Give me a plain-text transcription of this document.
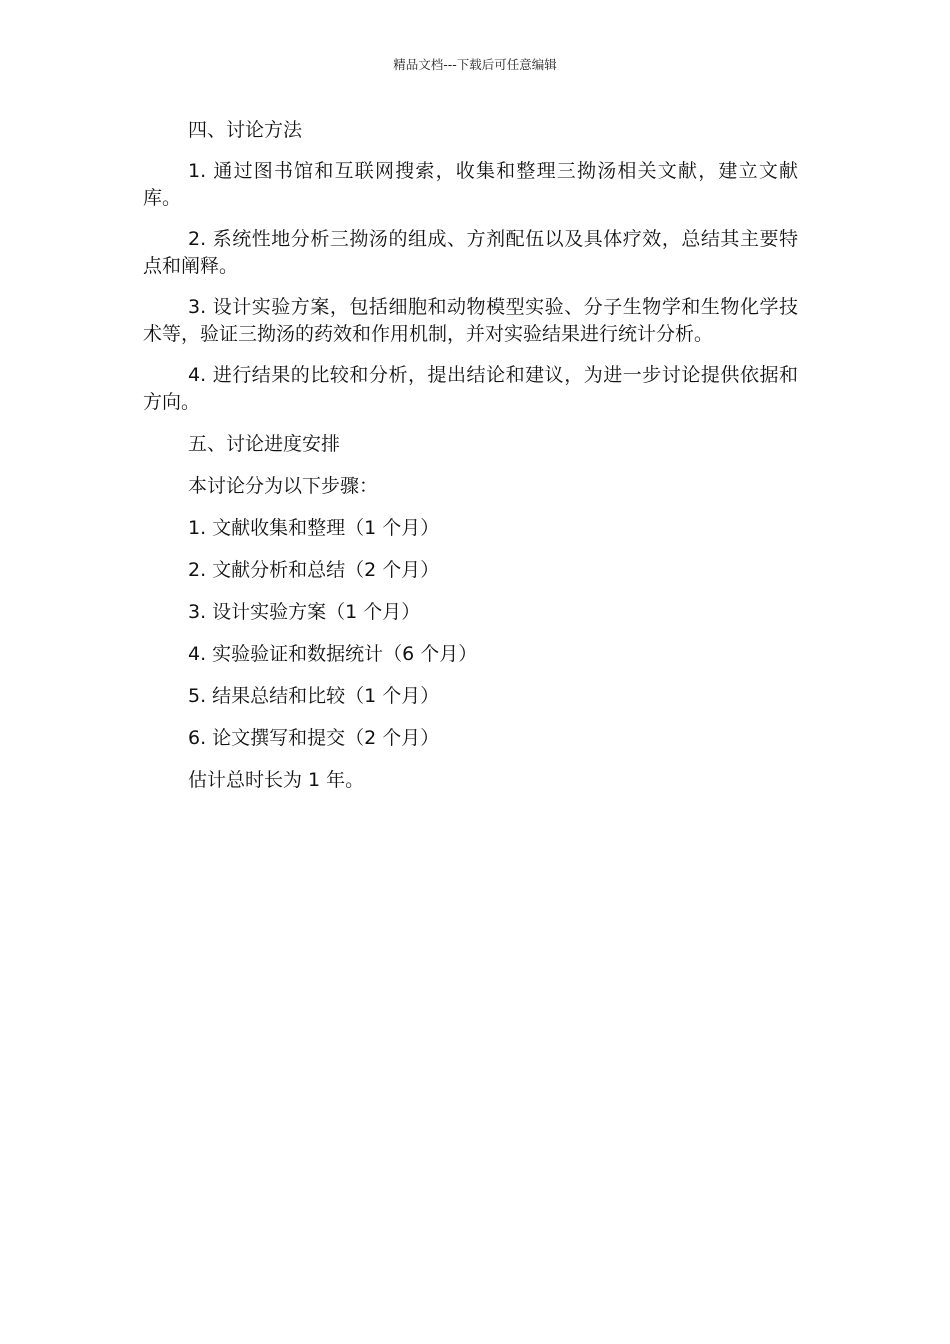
精品文档---下载后可任意编辑

四、讨论方法

1. 通过图书馆和互联网搜索，收集和整理三拗汤相关文献，建立文献库。

2. 系统性地分析三拗汤的组成、方剂配伍以及具体疗效，总结其主要特点和阐释。

3. 设计实验方案，包括细胞和动物模型实验、分子生物学和生物化学技术等，验证三拗汤的药效和作用机制，并对实验结果进行统计分析。

4. 进行结果的比较和分析，提出结论和建议，为进一步讨论提供依据和方向。

五、讨论进度安排

本讨论分为以下步骤：

1. 文献收集和整理（1 个月）

2. 文献分析和总结（2 个月）

3. 设计实验方案（1 个月）

4. 实验验证和数据统计（6 个月）

5. 结果总结和比较（1 个月）

6. 论文撰写和提交（2 个月）

估计总时长为 1 年。
